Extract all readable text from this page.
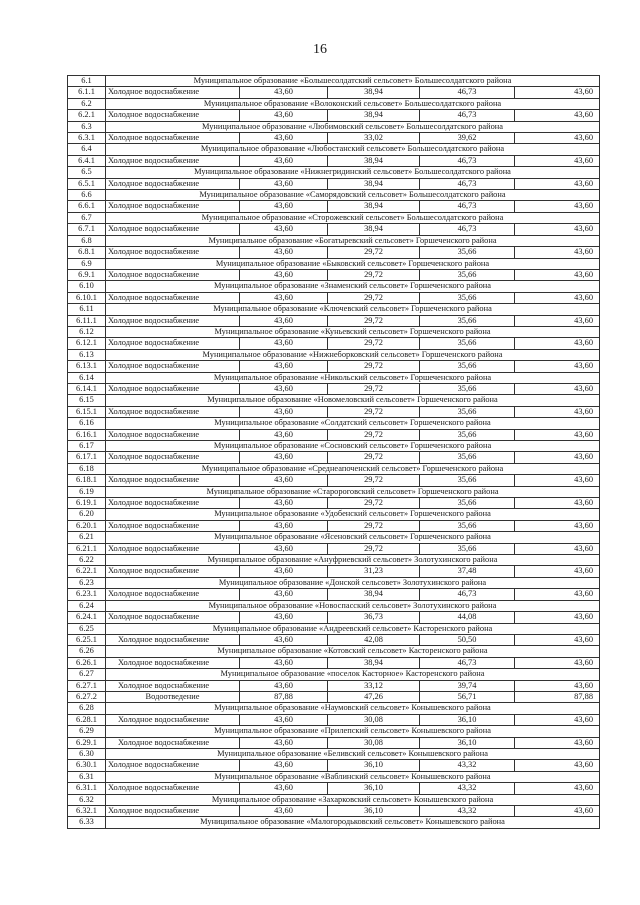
16
6.1	Муниципальное образование «Большесолдатский сельсовет» Большесолдатского района				
6.1.1	Холодное водоснабжение	43,60	38,94	46,73	43,60
6.2	Муниципальное образование «Волоконский сельсовет» Большесолдатского района				
6.2.1	Холодное водоснабжение	43,60	38,94	46,73	43,60
6.3	Муниципальное образование «Любимовский сельсовет» Большесолдатского района				
6.3.1	Холодное водоснабжение	43,60	33,02	39,62	43,60
6.4	Муниципальное образование «Любостанский сельсовет» Большесолдатского района				
6.4.1	Холодное водоснабжение	43,60	38,94	46,73	43,60
6.5	Муниципальное образование «Нижнегридинский сельсовет» Большесолдатского района				
6.5.1	Холодное водоснабжение	43,60	38,94	46,73	43,60
6.6	Муниципальное образование «Саморядовский сельсовет» Большесолдатского района				
6.6.1	Холодное водоснабжение	43,60	38,94	46,73	43,60
6.7	Муниципальное образование «Сторожевский сельсовет» Большесолдатского района				
6.7.1	Холодное водоснабжение	43,60	38,94	46,73	43,60
6.8	Муниципальное образование «Богатыревский сельсовет» Горшеченского района				
6.8.1	Холодное водоснабжение	43,60	29,72	35,66	43,60
6.9	Муниципальное образование «Быковский сельсовет» Горшеченского района				
6.9.1	Холодное водоснабжение	43,60	29,72	35,66	43,60
6.10	Муниципальное образование «Знаменский сельсовет» Горшеченского района				
6.10.1	Холодное водоснабжение	43,60	29,72	35,66	43,60
6.11	Муниципальное образование «Ключевский сельсовет» Горшеченского района				
6.11.1	Холодное водоснабжение	43,60	29,72	35,66	43,60
6.12	Муниципальное образование «Куньевский сельсовет» Горшеченского района				
6.12.1	Холодное водоснабжение	43,60	29,72	35,66	43,60
6.13	Муниципальное образование «Нижнеборковский сельсовет» Горшеченского района				
6.13.1	Холодное водоснабжение	43,60	29,72	35,66	43,60
6.14	Муниципальное образование «Никольский сельсовет» Горшеченского района				
6.14.1	Холодное водоснабжение	43,60	29,72	35,66	43,60
6.15	Муниципальное образование «Новомеловский сельсовет» Горшеченского района				
6.15.1	Холодное водоснабжение	43,60	29,72	35,66	43,60
6.16	Муниципальное образование «Солдатский сельсовет» Горшеченского района				
6.16.1	Холодное водоснабжение	43,60	29,72	35,66	43,60
6.17	Муниципальное образование «Сосновский сельсовет» Горшеченского района				
6.17.1	Холодное водоснабжение	43,60	29,72	35,66	43,60
6.18	Муниципальное образование «Среднеапоченский сельсовет» Горшеченского района				
6.18.1	Холодное водоснабжение	43,60	29,72	35,66	43,60
6.19	Муниципальное образование «Старороговский сельсовет» Горшеченского района				
6.19.1	Холодное водоснабжение	43,60	29,72	35,66	43,60
6.20	Муниципальное образование «Удобенский сельсовет» Горшеченского района				
6.20.1	Холодное водоснабжение	43,60	29,72	35,66	43,60
6.21	Муниципальное образование «Ясеновский сельсовет» Горшеченского района				
6.21.1	Холодное водоснабжение	43,60	29,72	35,66	43,60
6.22	Муниципальное образование «Ануфриевский сельсовет» Золотухинского района				
6.22.1	Холодное водоснабжение	43,60	31,23	37,48	43,60
6.23	Муниципальное образование «Донской сельсовет» Золотухинского района				
6.23.1	Холодное водоснабжение	43,60	38,94	46,73	43,60
6.24	Муниципальное образование «Новоспасский сельсовет» Золотухинского района				
6.24.1	Холодное водоснабжение	43,60	36,73	44,08	43,60
6.25	Муниципальное образование «Андреевский сельсовет» Касторенского района				
6.25.1	Холодное водоснабжение	43,60	42,08	50,50	43,60
6.26	Муниципальное образование «Котовский сельсовет» Касторенского района				
6.26.1	Холодное водоснабжение	43,60	38,94	46,73	43,60
6.27	Муниципальное образование «поселок Касторное» Касторенского района				
6.27.1	Холодное водоснабжение	43,60	33,12	39,74	43,60
6.27.2	Водоотведение	87,88	47,26	56,71	87,88
6.28	Муниципальное образование «Наумовский сельсовет» Конышевского района				
6.28.1	Холодное водоснабжение	43,60	30,08	36,10	43,60
6.29	Муниципальное образование «Прилепский сельсовет» Конышевского района				
6.29.1	Холодное водоснабжение	43,60	30,08	36,10	43,60
6.30	Муниципальное образование «Беливский сельсовет» Конышевского района				
6.30.1	Холодное водоснабжение	43,60	36,10	43,32	43,60
6.31	Муниципальное образование «Ваблинский сельсовет» Конышевского района				
6.31.1	Холодное водоснабжение	43,60	36,10	43,32	43,60
6.32	Муниципальное образование «Захарковский сельсовет» Конышевского района				
6.32.1	Холодное водоснабжение	43,60	36,10	43,32	43,60
6.33	Муниципальное образование «Малогородьковский сельсовет» Конышевского района				
